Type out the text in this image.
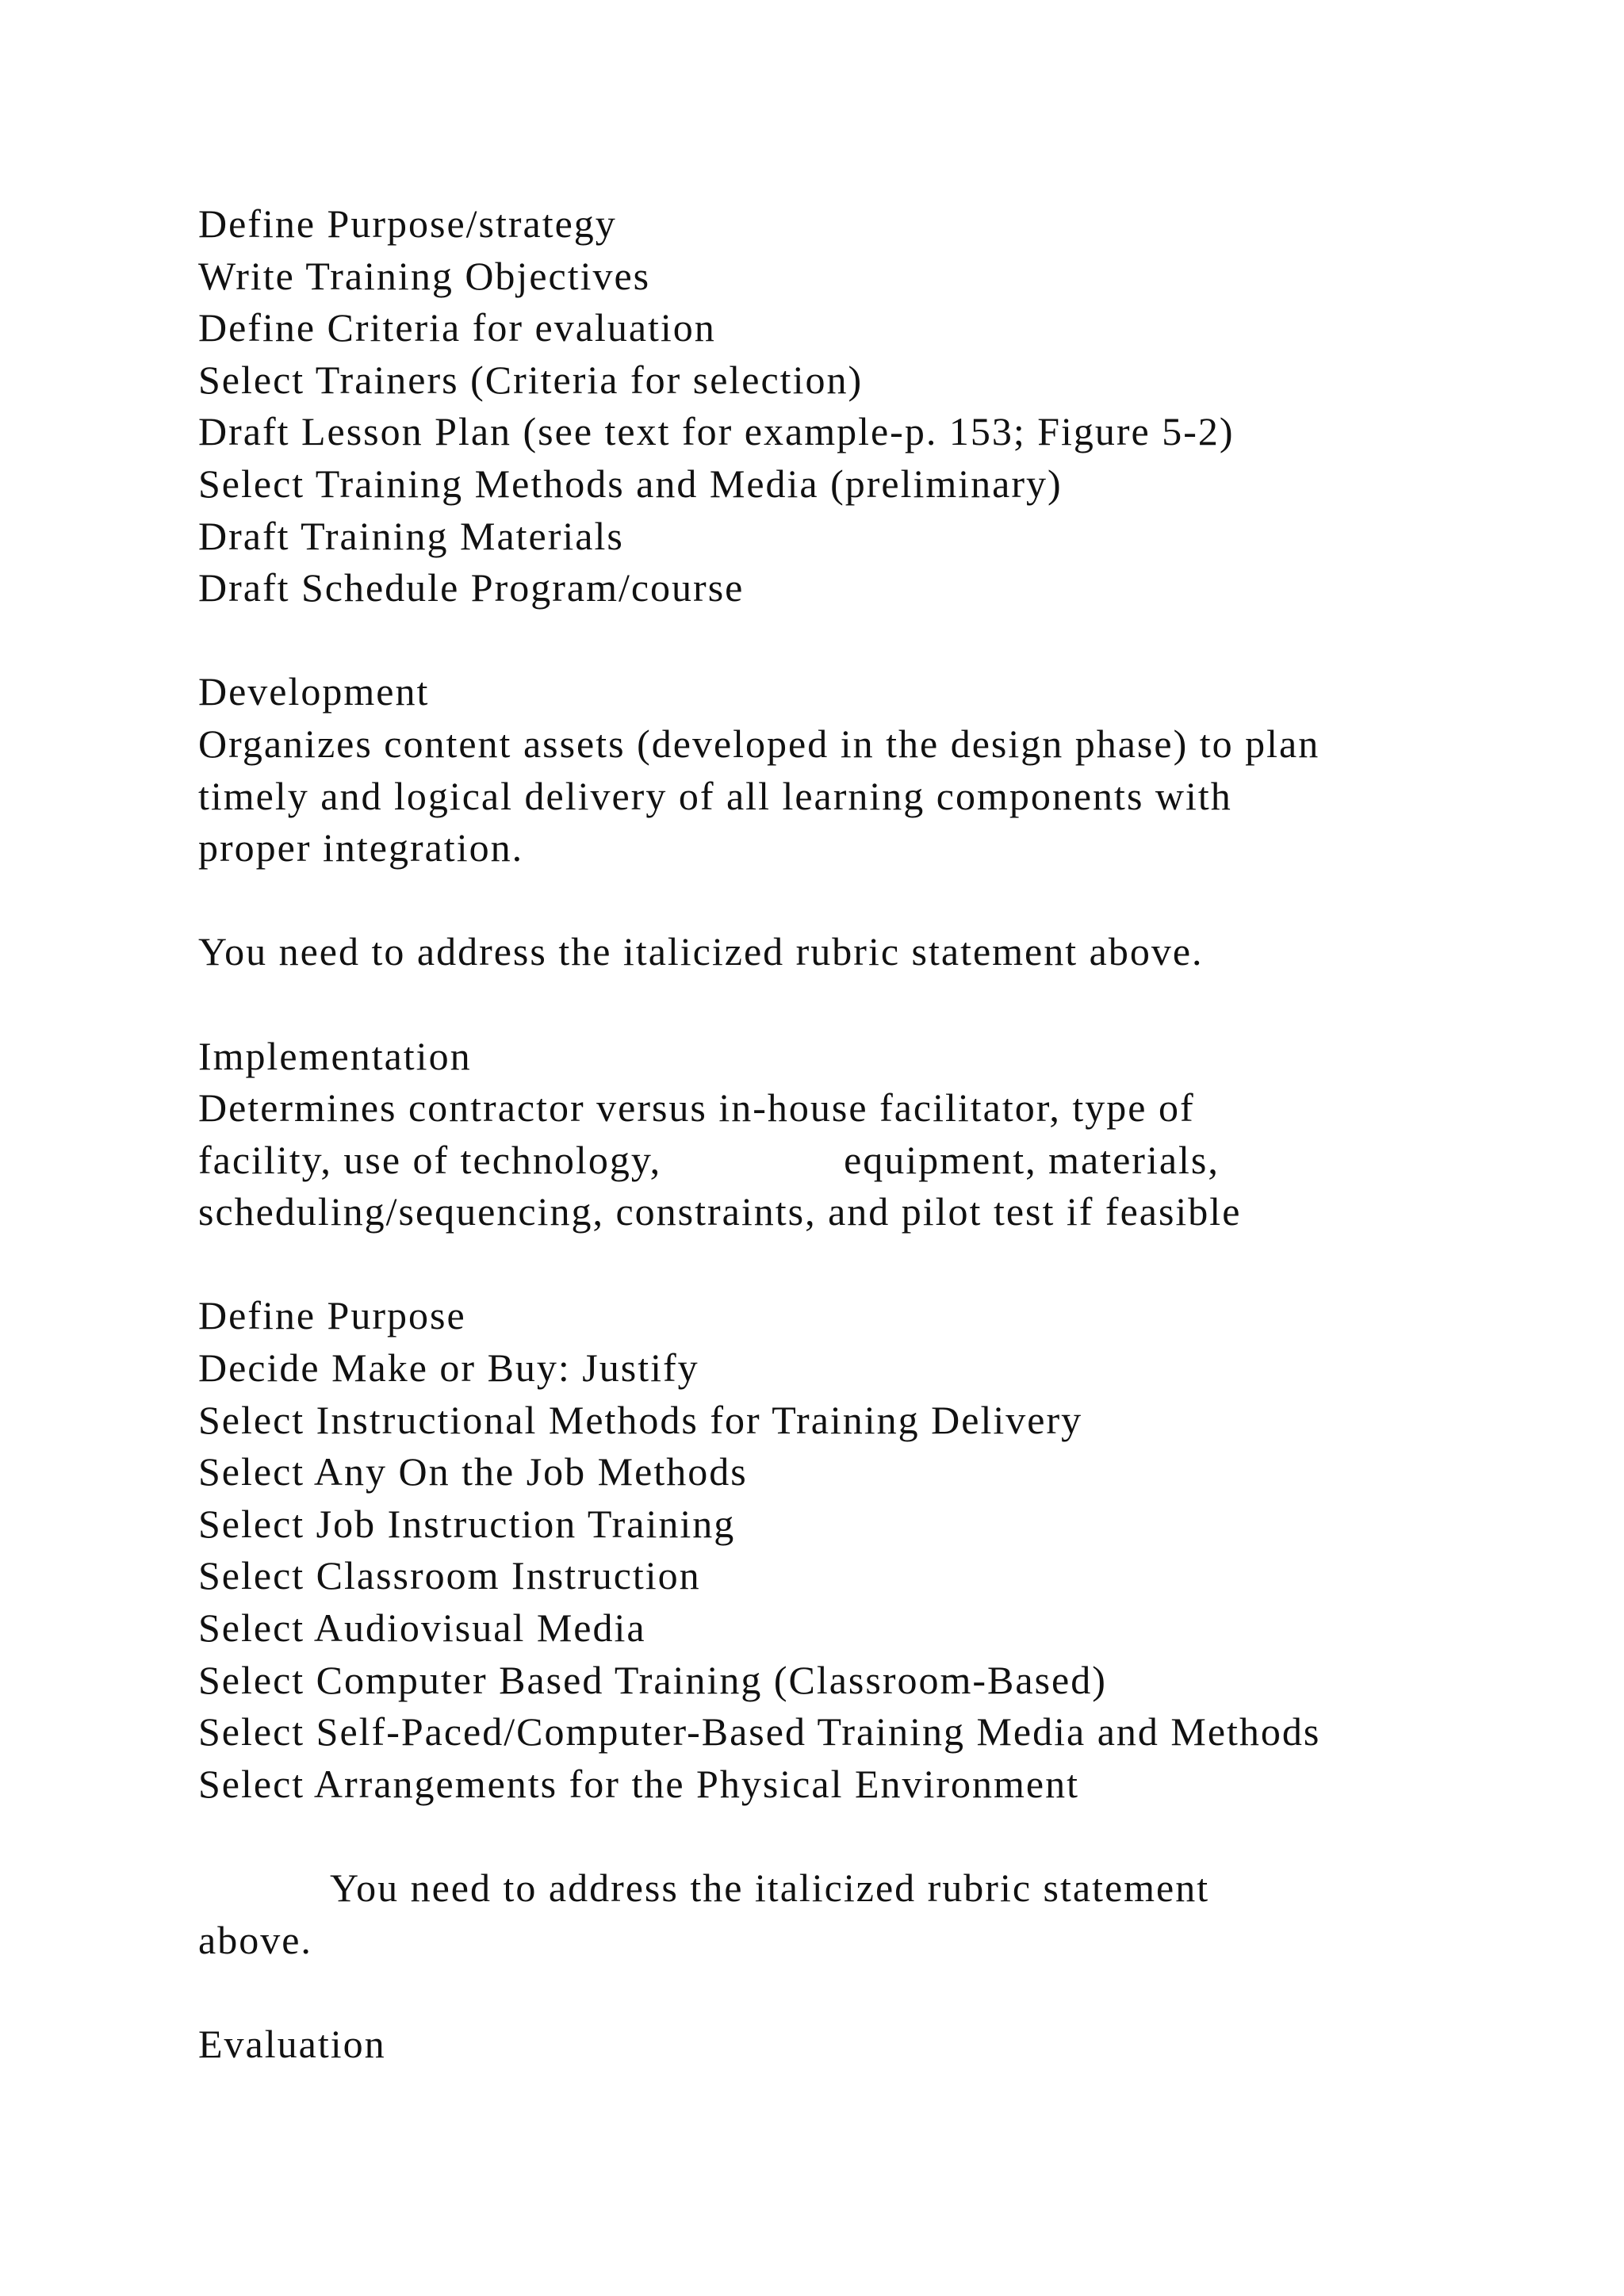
Define Purpose/strategy
Write Training Objectives
Define Criteria for evaluation
Select Trainers (Criteria for selection)
Draft Lesson Plan (see text for example-p. 153; Figure 5-2)
Select Training Methods and Media (preliminary)
Draft Training Materials
Draft Schedule Program/course
Development
Organizes content assets (developed in the design phase) to plan
timely and logical delivery of all learning components with
proper integration.
You need to address the italicized rubric statement above.
Implementation
Determines contractor versus in-house facilitator, type of
facility, use of technology,	equipment, materials,
scheduling/sequencing, constraints, and pilot test if feasible
Define Purpose
Decide Make or Buy: Justify
Select Instructional Methods for Training Delivery
Select Any On the Job Methods
Select Job Instruction Training
Select Classroom Instruction
Select Audiovisual Media
Select Computer Based Training (Classroom-Based)
Select Self-Paced/Computer-Based Training Media and Methods
Select Arrangements for the Physical Environment
You need to address the italicized rubric statement
above.
Evaluation
